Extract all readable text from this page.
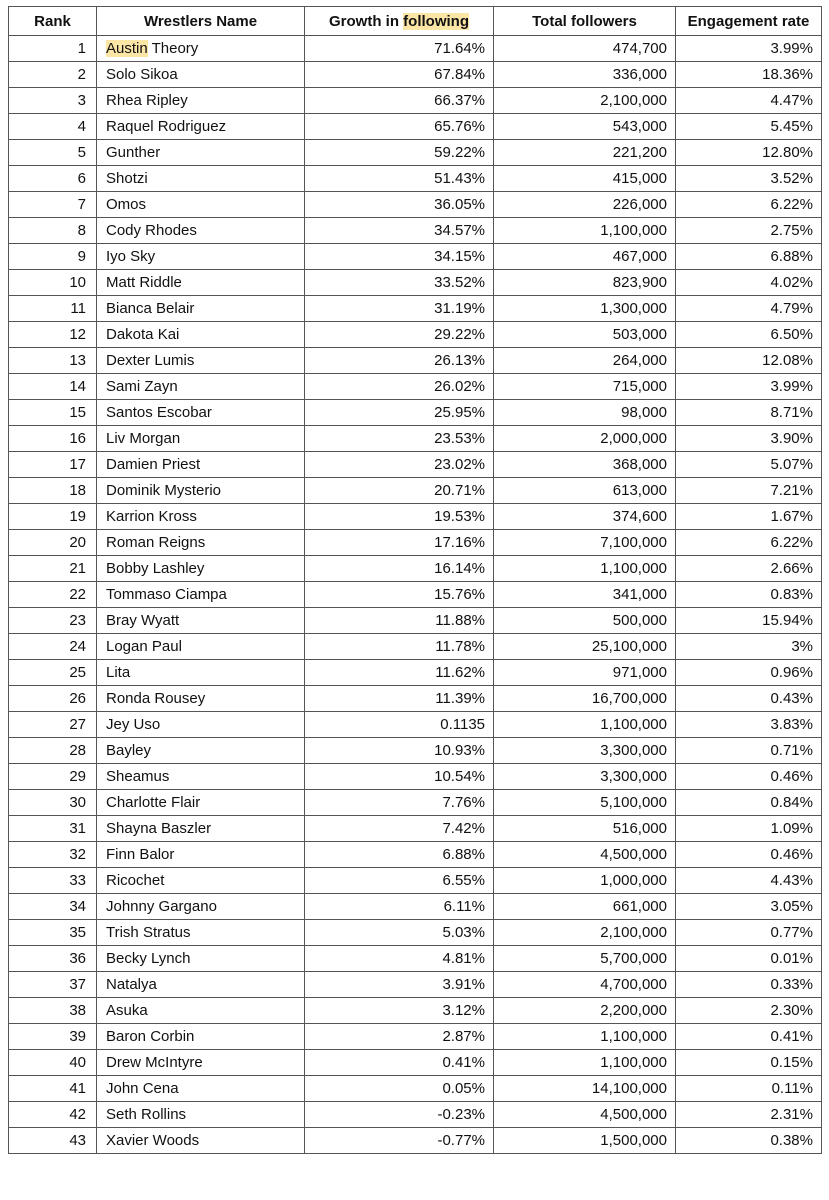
Rank	Wrestlers Name	Growth in following	Total followers	Engagement rate
1	Austin Theory	71.64%	474,700	3.99%
2	Solo Sikoa	67.84%	336,000	18.36%
3	Rhea Ripley	66.37%	2,100,000	4.47%
4	Raquel Rodriguez	65.76%	543,000	5.45%
5	Gunther	59.22%	221,200	12.80%
6	Shotzi	51.43%	415,000	3.52%
7	Omos	36.05%	226,000	6.22%
8	Cody Rhodes	34.57%	1,100,000	2.75%
9	Iyo Sky	34.15%	467,000	6.88%
10	Matt Riddle	33.52%	823,900	4.02%
11	Bianca Belair	31.19%	1,300,000	4.79%
12	Dakota Kai	29.22%	503,000	6.50%
13	Dexter Lumis	26.13%	264,000	12.08%
14	Sami Zayn	26.02%	715,000	3.99%
15	Santos Escobar	25.95%	98,000	8.71%
16	Liv Morgan	23.53%	2,000,000	3.90%
17	Damien Priest	23.02%	368,000	5.07%
18	Dominik Mysterio	20.71%	613,000	7.21%
19	Karrion Kross	19.53%	374,600	1.67%
20	Roman Reigns	17.16%	7,100,000	6.22%
21	Bobby Lashley	16.14%	1,100,000	2.66%
22	Tommaso Ciampa	15.76%	341,000	0.83%
23	Bray Wyatt	11.88%	500,000	15.94%
24	Logan Paul	11.78%	25,100,000	3%
25	Lita	11.62%	971,000	0.96%
26	Ronda Rousey	11.39%	16,700,000	0.43%
27	Jey Uso	0.1135	1,100,000	3.83%
28	Bayley	10.93%	3,300,000	0.71%
29	Sheamus	10.54%	3,300,000	0.46%
30	Charlotte Flair	7.76%	5,100,000	0.84%
31	Shayna Baszler	7.42%	516,000	1.09%
32	Finn Balor	6.88%	4,500,000	0.46%
33	Ricochet	6.55%	1,000,000	4.43%
34	Johnny Gargano	6.11%	661,000	3.05%
35	Trish Stratus	5.03%	2,100,000	0.77%
36	Becky Lynch	4.81%	5,700,000	0.01%
37	Natalya	3.91%	4,700,000	0.33%
38	Asuka	3.12%	2,200,000	2.30%
39	Baron Corbin	2.87%	1,100,000	0.41%
40	Drew McIntyre	0.41%	1,100,000	0.15%
41	John Cena	0.05%	14,100,000	0.11%
42	Seth Rollins	-0.23%	4,500,000	2.31%
43	Xavier Woods	-0.77%	1,500,000	0.38%
